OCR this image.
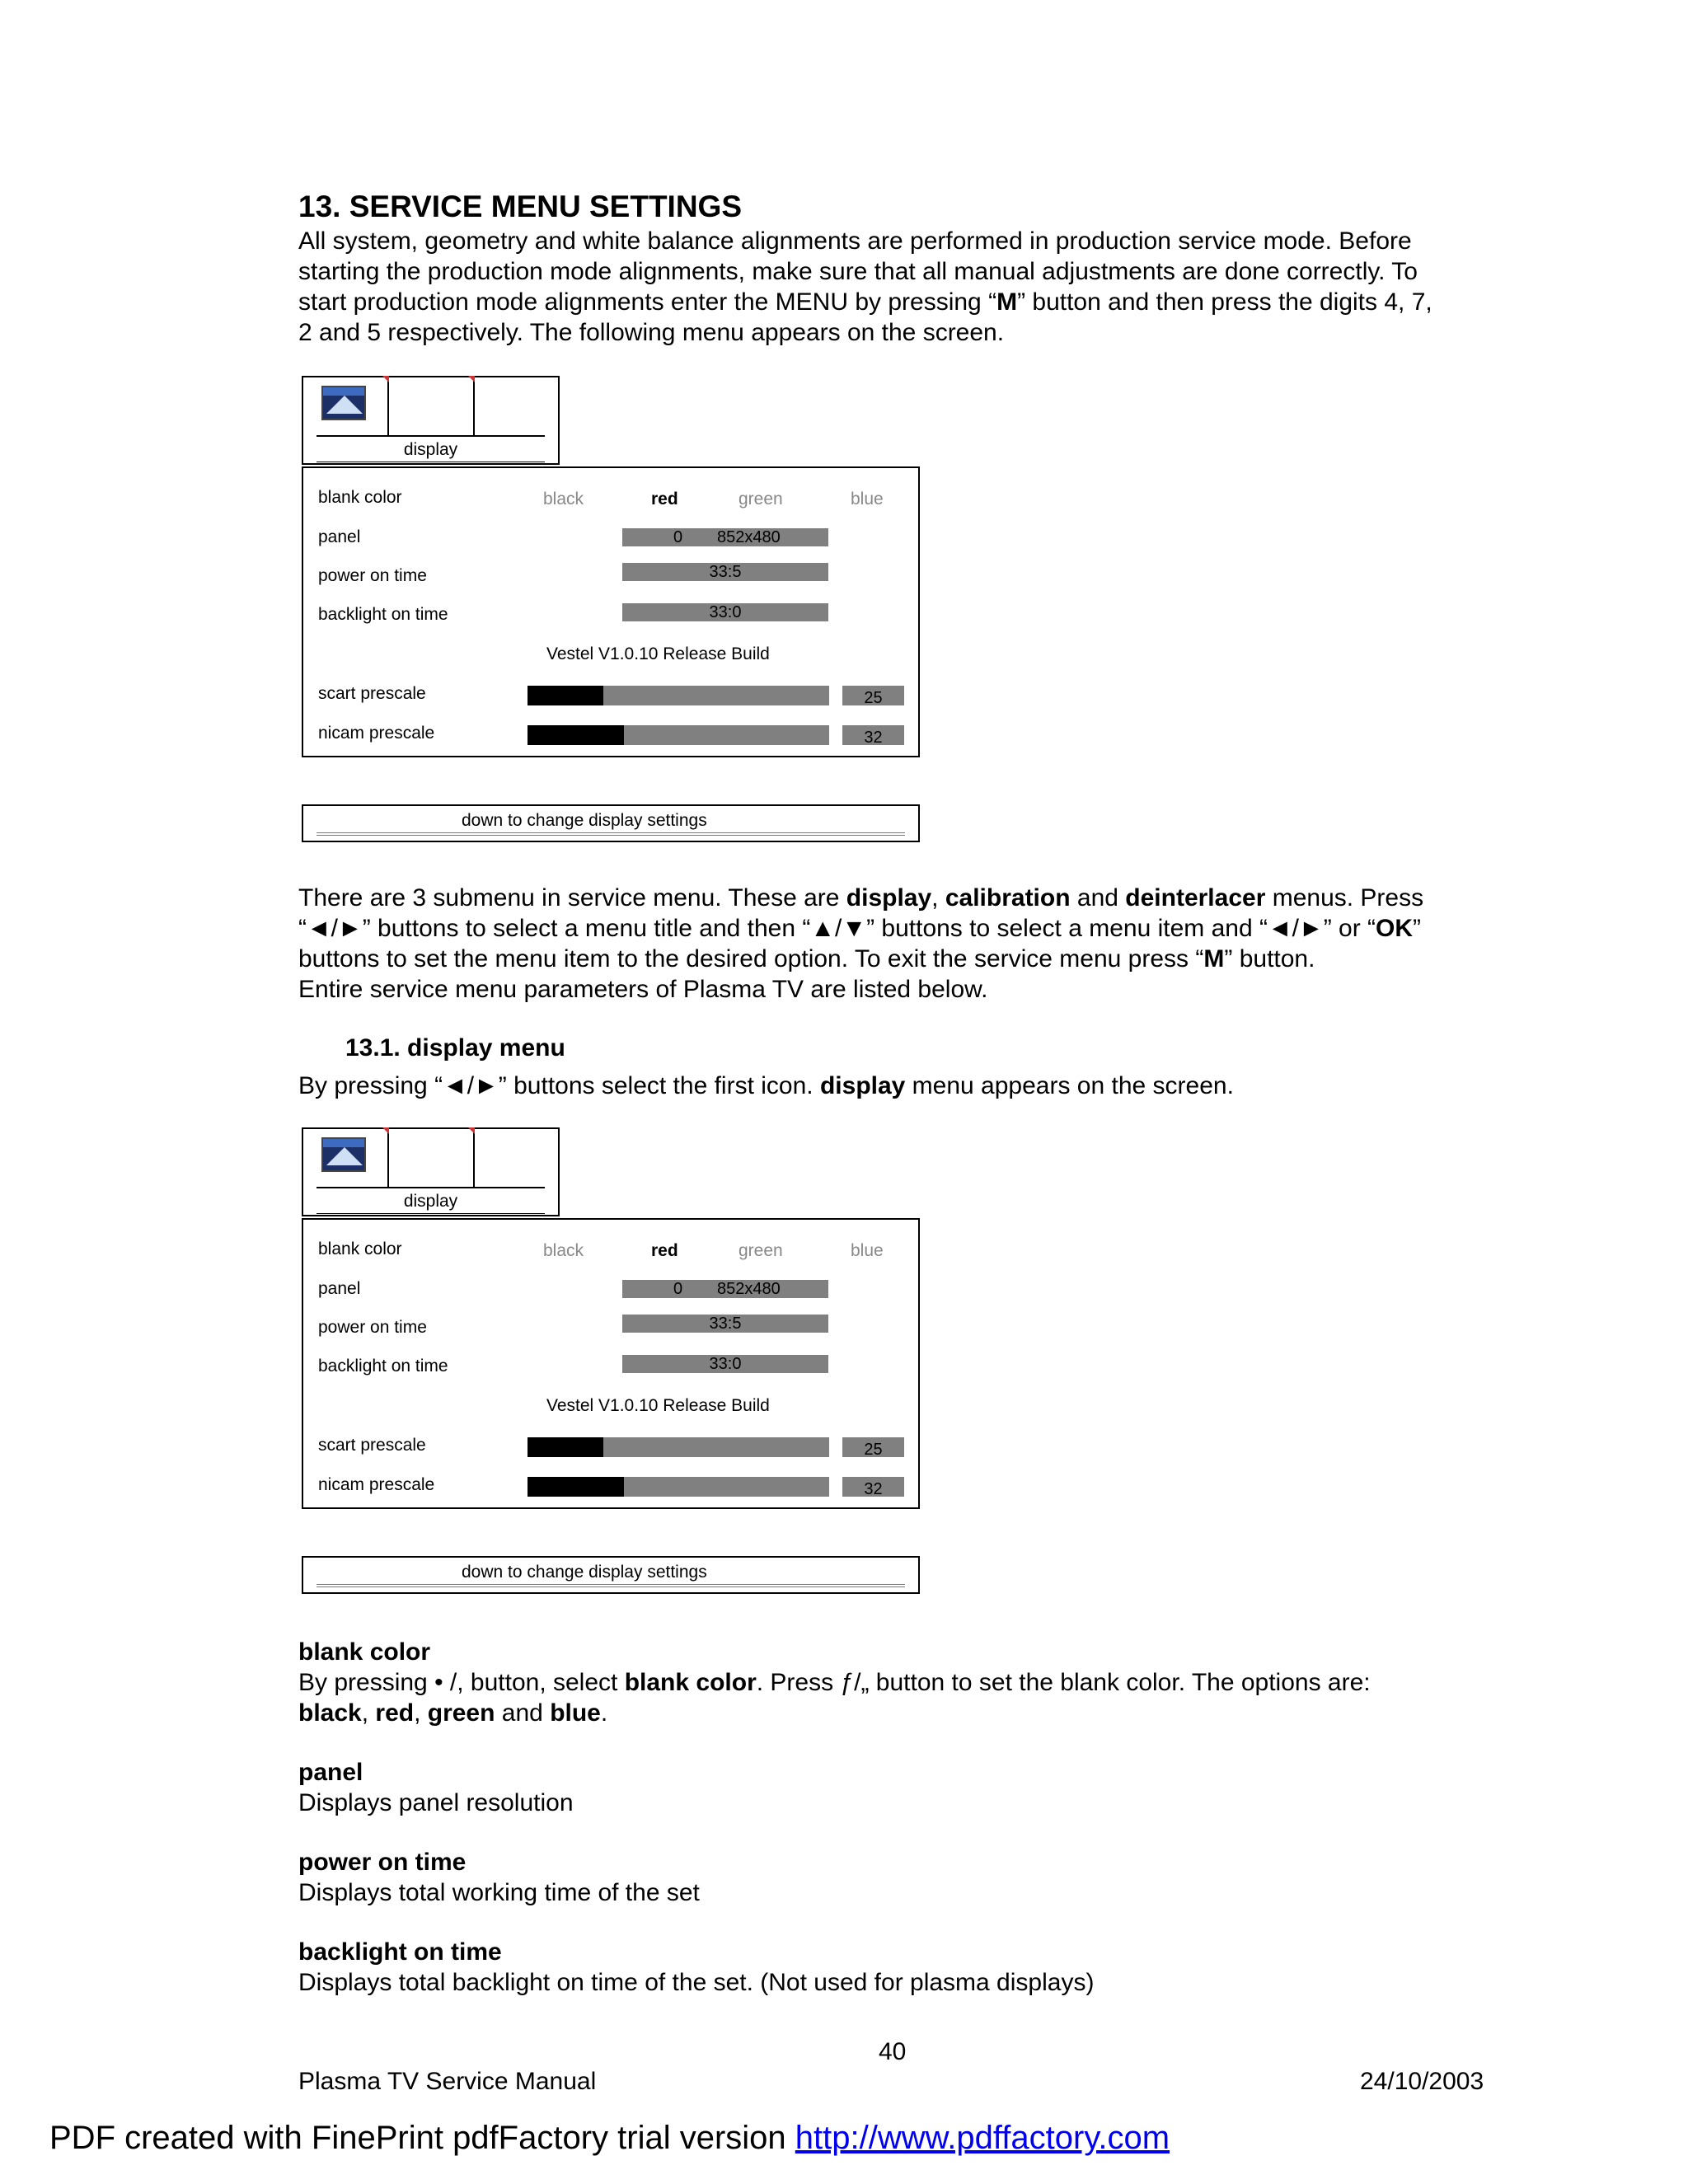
13. SERVICE MENU SETTINGS
All system, geometry and white balance alignments are performed in production service mode. Before
starting the production mode alignments, make sure that all manual adjustments are done correctly. To
start production mode alignments enter the MENU by pressing “M” button and then press the digits 4, 7,
2 and 5 respectively. The following menu appears on the screen.
display
blank color	black	red	green	blue
panel	0 852x480
power on time	33:5
backlight on time	33:0
Vestel V1.0.10 Release Build
scart prescale	25
nicam prescale	32
down to change display settings
There are 3 submenu in service menu. These are display, calibration and deinterlacer menus. Press
“◄/►” buttons to select a menu title and then “▲/▼” buttons to select a menu item and “◄/►” or “OK”
buttons to set the menu item to the desired option. To exit the service menu press “M” button.
Entire service menu parameters of Plasma TV are listed below.
13.1. display menu
By pressing “◄/►” buttons select the first icon. display menu appears on the screen.
display
blank color	black	red	green	blue
panel	0 852x480
power on time	33:5
backlight on time	33:0
Vestel V1.0.10 Release Build
scart prescale	25
nicam prescale	32
down to change display settings
blank color
By pressing • /, button, select blank color. Press ƒ/„ button to set the blank color. The options are:
black, red, green and blue.
panel
Displays panel resolution
power on time
Displays total working time of the set
backlight on time
Displays total backlight on time of the set. (Not used for plasma displays)
40
Plasma TV Service Manual	24/10/2003
PDF created with FinePrint pdfFactory trial version http://www.pdffactory.com
